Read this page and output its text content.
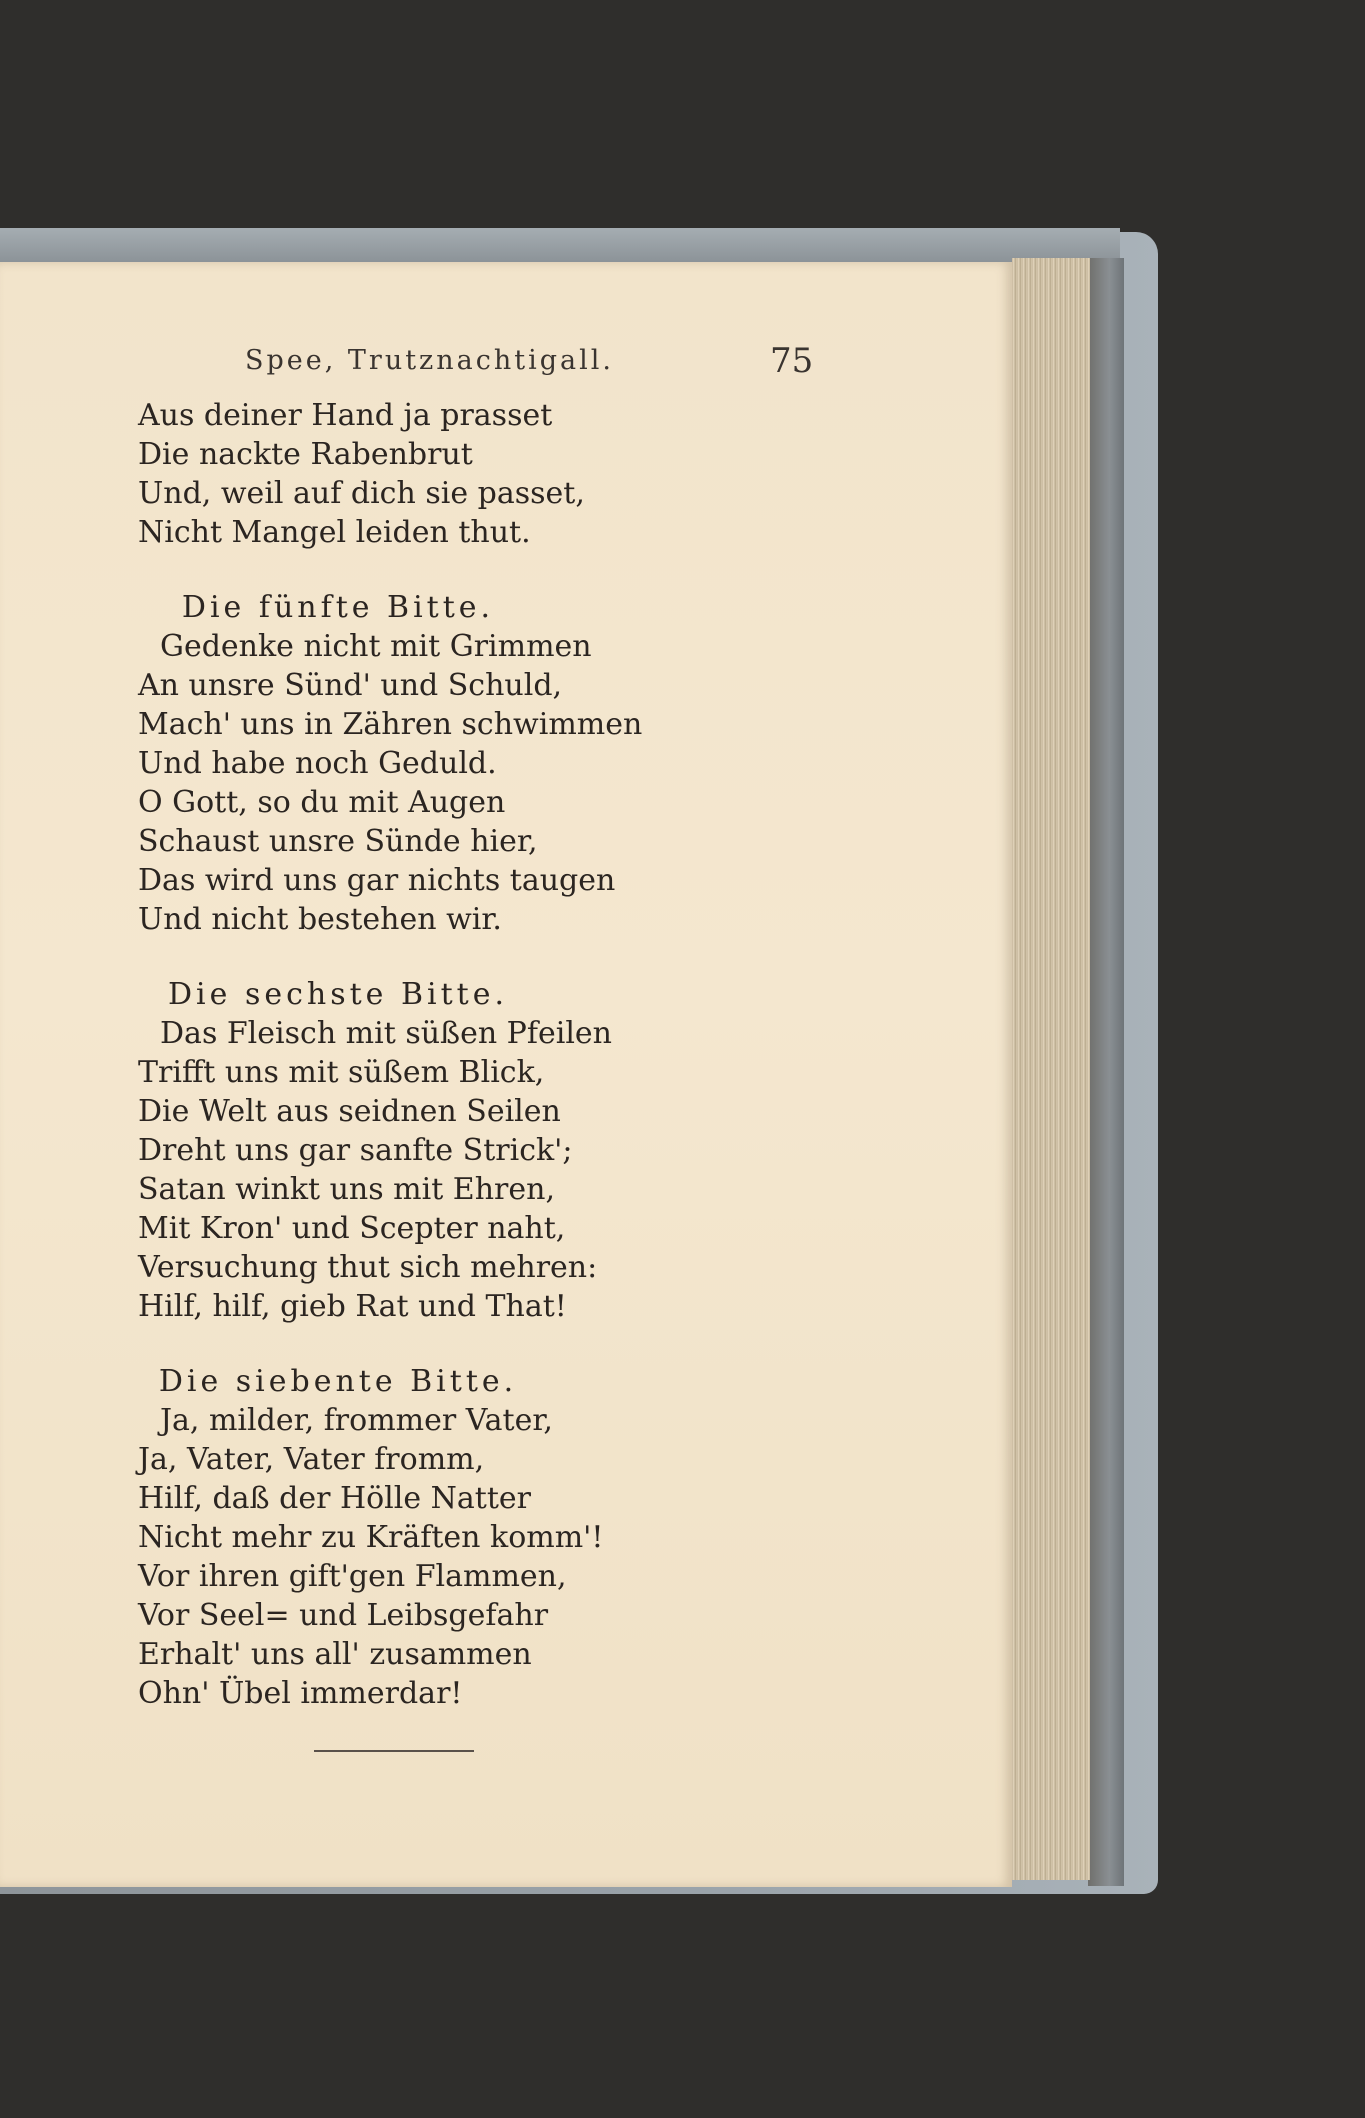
Spee, Trutznachtigall.	75
Aus deiner Hand ja prasset
Die nackte Rabenbrut
Und, weil auf dich sie passet,
Nicht Mangel leiden thut.
Die fünfte Bitte.
Gedenke nicht mit Grimmen
An unsre Sünd' und Schuld,
Mach' uns in Zähren schwimmen
Und habe noch Geduld.
O Gott, so du mit Augen
Schaust unsre Sünde hier,
Das wird uns gar nichts taugen
Und nicht bestehen wir.
Die sechste Bitte.
Das Fleisch mit süßen Pfeilen
Trifft uns mit süßem Blick,
Die Welt aus seidnen Seilen
Dreht uns gar sanfte Strick';
Satan winkt uns mit Ehren,
Mit Kron' und Scepter naht,
Versuchung thut sich mehren:
Hilf, hilf, gieb Rat und That!
Die siebente Bitte.
Ja, milder, frommer Vater,
Ja, Vater, Vater fromm,
Hilf, daß der Hölle Natter
Nicht mehr zu Kräften komm'!
Vor ihren gift'gen Flammen,
Vor Seel= und Leibsgefahr
Erhalt' uns all' zusammen
Ohn' Übel immerdar!
